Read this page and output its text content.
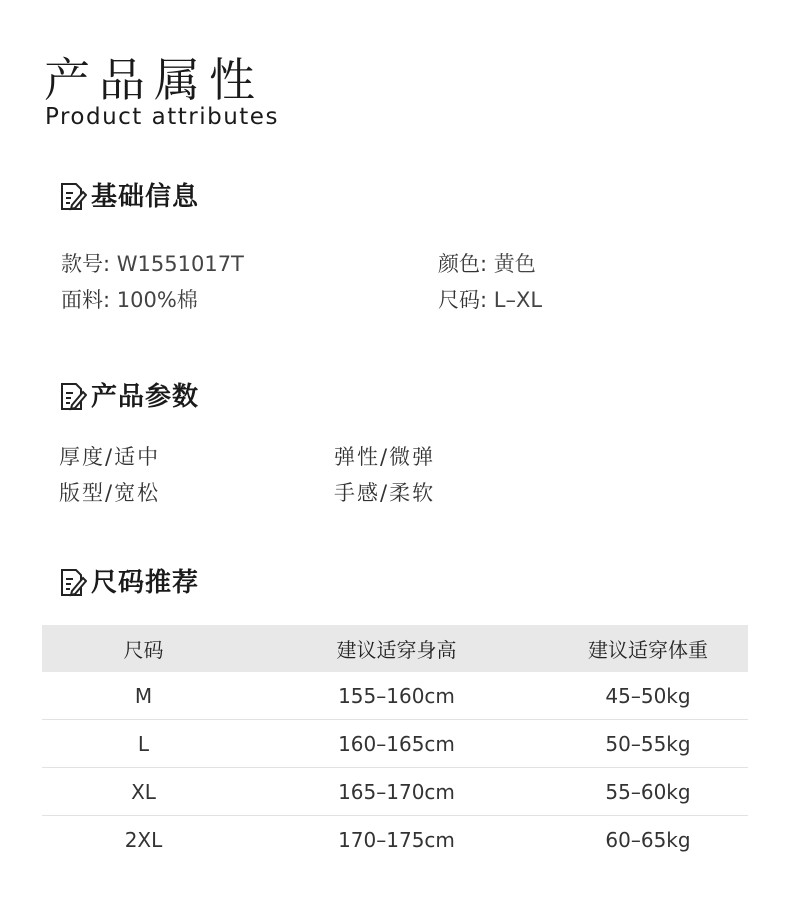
产品属性
Product attributes
基础信息
款号: W1551017T	颜色: 黄色
面料: 100%棉	尺码: L–XL
产品参数
厚度/适中	弹性/微弹
版型/宽松	手感/柔软
尺码推荐
尺码	建议适穿身高	建议适穿体重
M	155–160cm	45–50kg
L	160–165cm	50–55kg
XL	165–170cm	55–60kg
2XL	170–175cm	60–65kg
